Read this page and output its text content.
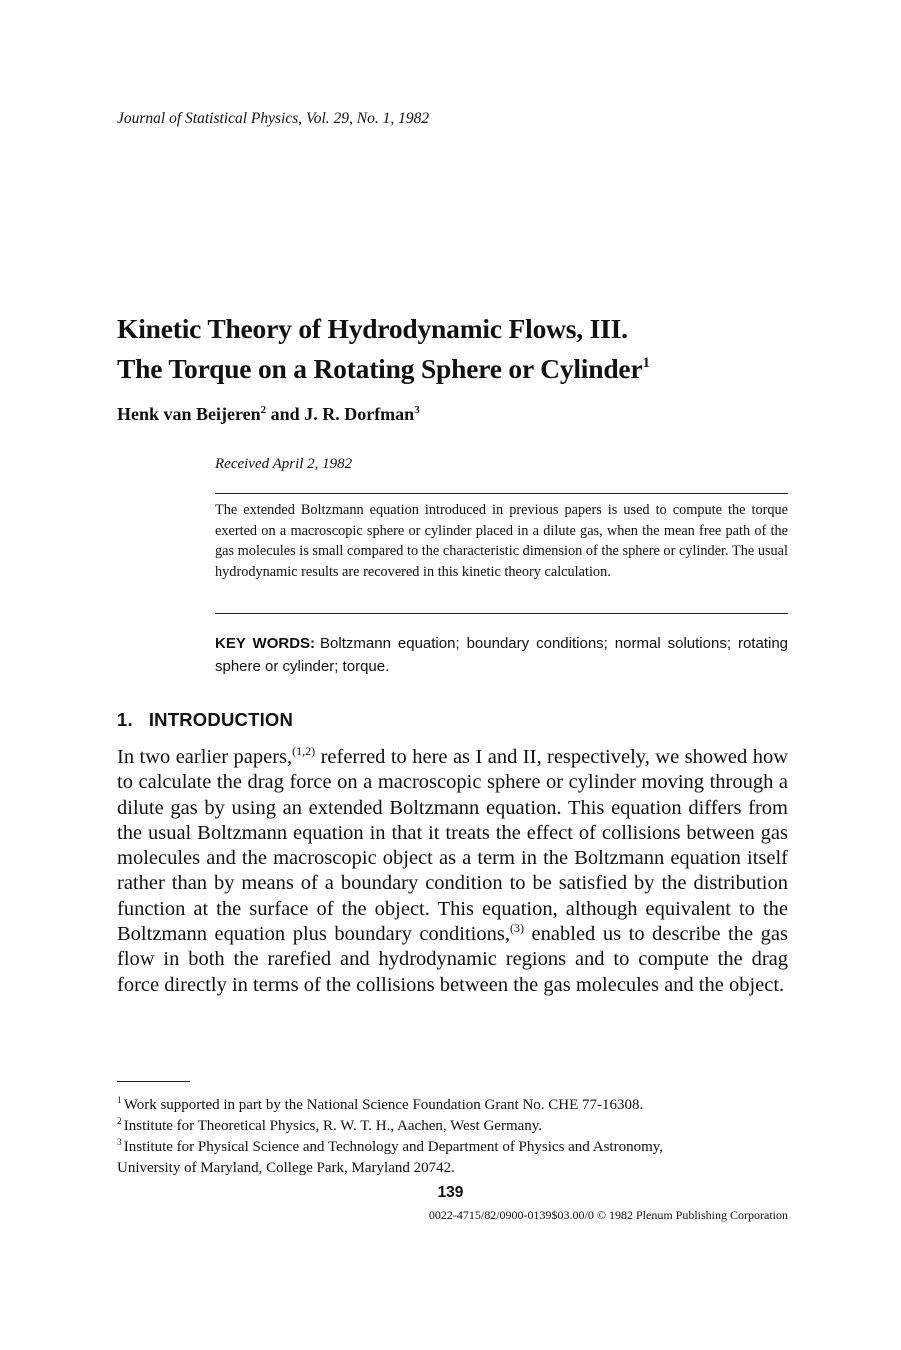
Journal of Statistical Physics, Vol. 29, No. 1, 1982
Kinetic Theory of Hydrodynamic Flows, III.
The Torque on a Rotating Sphere or Cylinder$^1$
Henk van Beijeren$^2$ and J. R. Dorfman$^3$
Received April 2, 1982
The extended Boltzmann equation introduced in previous papers is used to compute the torque exerted on a macroscopic sphere or cylinder placed in a dilute gas, when the mean free path of the gas molecules is small compared to the characteristic dimension of the sphere or cylinder. The usual hydrodynamic results are recovered in this kinetic theory calculation.
KEY WORDS: Boltzmann equation; boundary conditions; normal solutions; rotating sphere or cylinder; torque.
1. INTRODUCTION
In two earlier papers,$^{(1,2)}$ referred to here as I and II, respectively, we showed how to calculate the drag force on a macroscopic sphere or cylinder moving through a dilute gas by using an extended Boltzmann equation. This equation differs from the usual Boltzmann equation in that it treats the effect of collisions between gas molecules and the macroscopic object as a term in the Boltzmann equation itself rather than by means of a boundary condition to be satisfied by the distribution function at the surface of the object. This equation, although equivalent to the Boltzmann equation plus boundary conditions,$^{(3)}$ enabled us to describe the gas flow in both the rarefied and hydrodynamic regions and to compute the drag force directly in terms of the collisions between the gas molecules and the object.
$^1$ Work supported in part by the National Science Foundation Grant No. CHE 77-16308.
$^2$ Institute for Theoretical Physics, R. W. T. H., Aachen, West Germany.
$^3$ Institute for Physical Science and Technology and Department of Physics and Astronomy,
University of Maryland, College Park, Maryland 20742.
139
0022-4715/82/0900-0139$03.00/0 © 1982 Plenum Publishing Corporation
